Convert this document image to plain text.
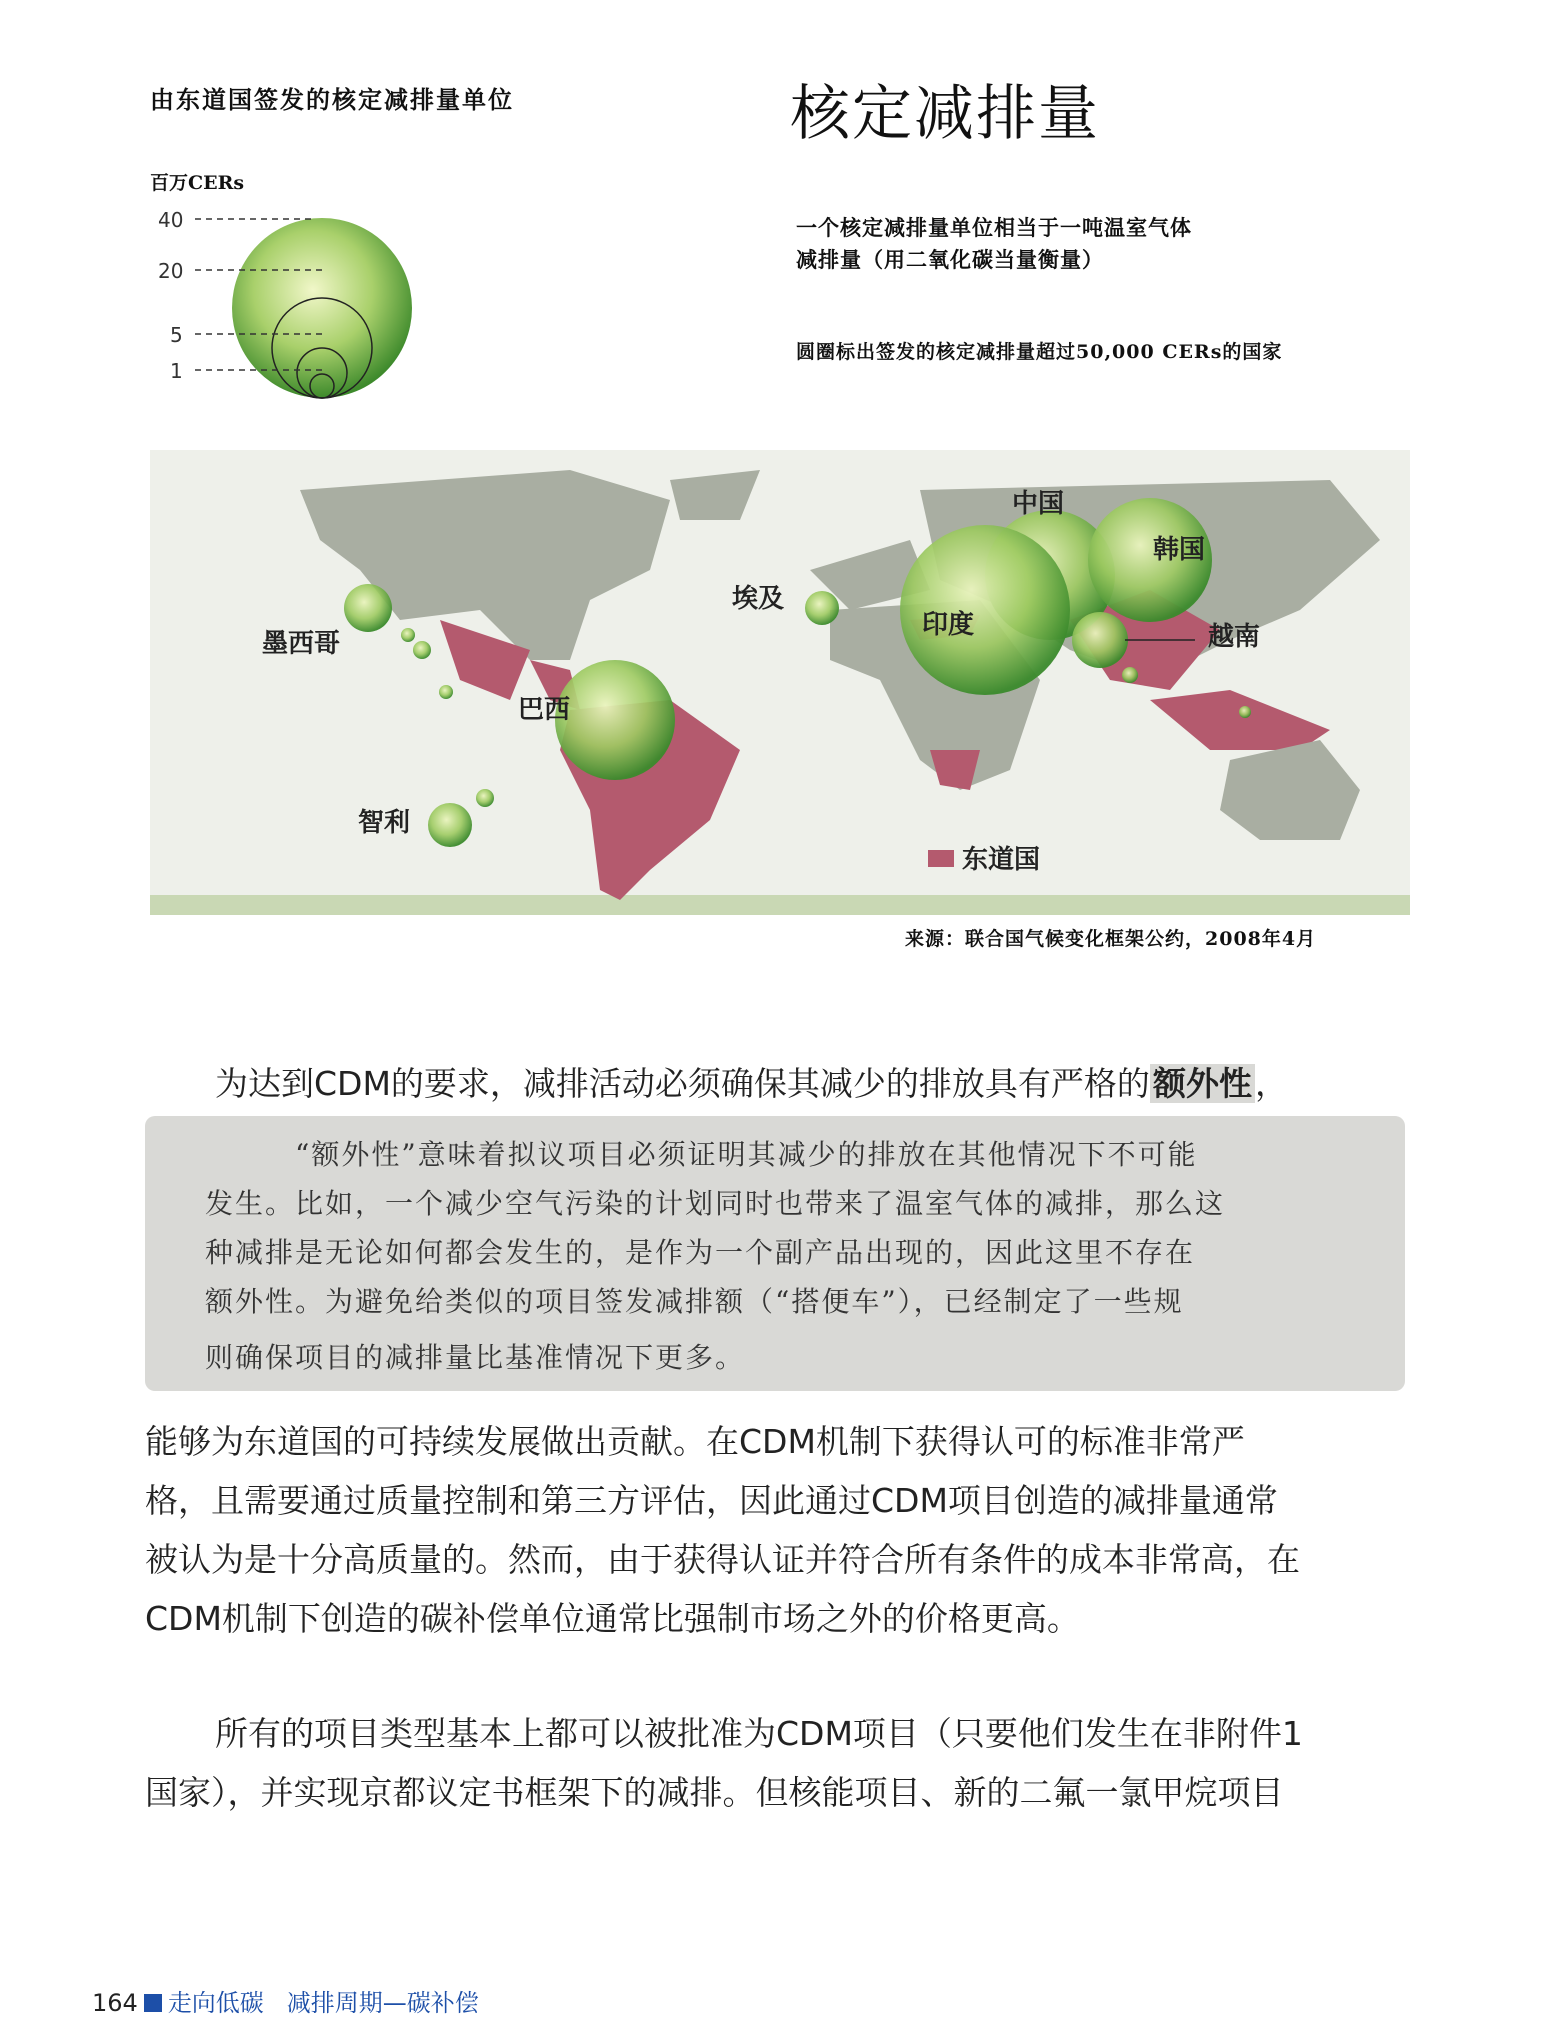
由东道国签发的核定减排量单位	核定减排量
百万CERs
40
20
5
1
一个核定减排量单位相当于一吨温室气体
减排量（用二氧化碳当量衡量）
圆圈标出签发的核定减排量超过50,000 CERs的国家
中国
韩国
埃及
印度	越南
墨西哥
巴西
智利
东道国
来源：联合国气候变化框架公约，2008年4月
为达到CDM的要求，减排活动必须确保其减少的排放具有严格的额外性，
“额外性”意味着拟议项目必须证明其减少的排放在其他情况下不可能
发生。比如，一个减少空气污染的计划同时也带来了温室气体的减排，那么这
种减排是无论如何都会发生的，是作为一个副产品出现的，因此这里不存在
额外性。为避免给类似的项目签发减排额（“搭便车”），已经制定了一些规
则确保项目的减排量比基准情况下更多。
能够为东道国的可持续发展做出贡献。在CDM机制下获得认可的标准非常严
格，且需要通过质量控制和第三方评估，因此通过CDM项目创造的减排量通常
被认为是十分高质量的。然而，由于获得认证并符合所有条件的成本非常高，在
CDM机制下创造的碳补偿单位通常比强制市场之外的价格更高。
所有的项目类型基本上都可以被批准为CDM项目（只要他们发生在非附件1
国家），并实现京都议定书框架下的减排。但核能项目、新的二氟一氯甲烷项目
164 走向低碳 减排周期—碳补偿
